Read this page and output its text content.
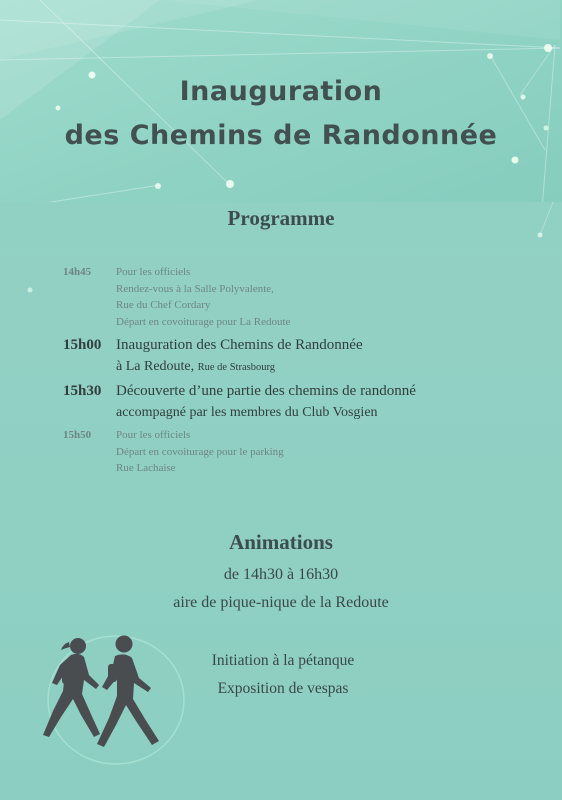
Inauguration
des Chemins de Randonnée
Programme
14h45 Pour les officiels
Rendez-vous à la Salle Polyvalente,
Rue du Chef Cordary
Départ en covoiturage pour La Redoute
15h00 Inauguration des Chemins de Randonnée
à La Redoute, Rue de Strasbourg
15h30 Découverte d’une partie des chemins de randonné
accompagné par les membres du Club Vosgien
15h50 Pour les officiels
Départ en covoiturage pour le parking
Rue Lachaise
Animations

de 14h30 à 16h30

aire de pique-nique de la Redoute

Initiation à la pétanque

Exposition de vespas
